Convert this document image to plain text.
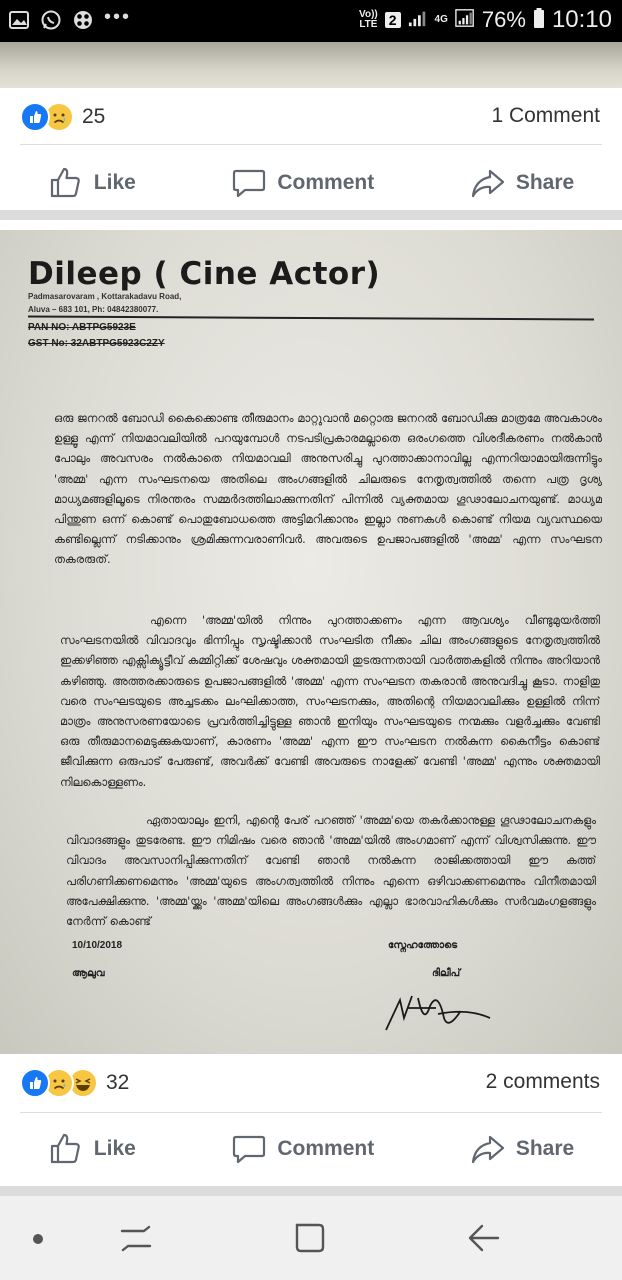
•••	Vo))
LTE 2	4G 76% 10:10
25	1 Comment
Like	Comment	Share
Dileep ( Cine Actor)
Padmasarovaram , Kottarakadavu Road,
Aluva – 683 101, Ph: 04842380077.
PAN NO: ABTPG5923E
GST No: 32ABTPG5923C2ZY

ഒരു ജനറൽ ബോഡി കൈക്കൊണ്ട തീരുമാനം മാറ്റുവാന്‍ മറ്റൊരു ജനറല്‍ ബോഡിക്കു മാത്രമേ അവകാശം ഉള്ളൂ എന്ന് നിയമാവലിയിൽ പറയുമ്പോൾ നടപടിപ്രകാരമല്ലാതെ ഒരംഗത്തെ വിശദീകരണം നല്‍കാന്‍ പോലും അവസരം നല്‍കാതെ നിയമാവലി അനുസരിച്ചു പുറത്താക്കാനാവില്ല എന്നറിയാമായിരുന്നിട്ടും 'അമ്മ' എന്ന സംഘടനയെ അതിലെ അംഗങ്ങളിൽ ചിലരുടെ നേതൃത്വത്തിൽ തന്നെ പത്ര ദൃശ്യ മാധ്യമങ്ങളിലൂടെ നിരന്തരം സമ്മർദത്തിലാക്കുന്നതിന് പിന്നില്‍ വ്യക്തമായ ഗൂഢാലോചനയുണ്ട്. മാധ്യമ പിന്തുണ ഒന്ന് കൊണ്ട് പൊതുബോധത്തെ അട്ടിമറിക്കാനും ഇല്ലാ നുണകള്‍ കൊണ്ട് നിയമ വ്യവസ്ഥയെ കണ്ടില്ലെന്ന് നടിക്കാനും ശ്രമിക്കുന്നവരാണിവർ. അവരുടെ ഉപജാപങ്ങളിൽ 'അമ്മ' എന്ന സംഘടന തകരരുത്.

എന്നെ 'അമ്മ'യിൽ നിന്നും പുറത്താക്കണം എന്ന ആവശ്യം വീണ്ടുമുയർത്തി സംഘടനയില്‍ വിവാദവും ഭിന്നിപ്പും സൃഷ്ടിക്കാന്‍ സംഘടിത നീക്കം ചില അംഗങ്ങളുടെ നേതൃത്വത്തില്‍ ഇക്കഴിഞ്ഞ എക്സിക്യൂട്ടീവ് കമ്മിറ്റിക്ക് ശേഷവും ശക്തമായി തുടരുന്നതായി വാർത്തകളിൽ നിന്നും അറിയാന്‍ കഴിഞ്ഞു. അത്തരക്കാരുടെ ഉപജാപങ്ങളില്‍ 'അമ്മ' എന്ന സംഘടന തകരാന്‍ അനുവദിച്ചു കൂടാ. നാളിതു വരെ സംഘടയുടെ അച്ചടക്കം ലംഘിക്കാത്ത, സംഘടനക്കും, അതിന്റെ നിയമാവലിക്കും ഉള്ളില്‍ നിന്ന് മാത്രം അനുസരണയോടെ പ്രവർത്തിച്ചിട്ടുള്ള ഞാന്‍ ഇനിയും സംഘടയുടെ നന്മക്കും വളർച്ചക്കും വേണ്ടി ഒരു തീരുമാനമെടുക്കുകയാണ്, കാരണം 'അമ്മ' എന്ന ഈ സംഘടന നല്‍കുന്ന കൈനീട്ടം കൊണ്ട് ജീവിക്കുന്ന ഒരുപാട് പേരുണ്ട്, അവർക്ക് വേണ്ടി അവരുടെ നാളേക്ക് വേണ്ടി 'അമ്മ' എന്നും ശക്തമായി നിലകൊള്ളണം.

ഏതായാലും ഇനി, എന്റെ പേര് പറഞ്ഞ് 'അമ്മ'യെ തകർക്കാനുള്ള ഗൂഢാലോചനകളും വിവാദങ്ങളും തുടരേണ്ട. ഈ നിമിഷം വരെ ഞാന്‍ 'അമ്മ'യില്‍ അംഗമാണ് എന്ന് വിശ്വസിക്കുന്നു. ഈ വിവാദം അവസാനിപ്പിക്കുന്നതിന് വേണ്ടി ഞാന്‍ നല്‍കുന്ന രാജിക്കത്തായി ഈ കത്ത് പരിഗണിക്കണമെന്നും 'അമ്മ'യുടെ അംഗത്വത്തില്‍ നിന്നും എന്നെ ഒഴിവാക്കണമെന്നും വിനീതമായി അപേക്ഷിക്കുന്നു. 'അമ്മ'യ്ക്കും 'അമ്മ'യിലെ അംഗങ്ങൾക്കും എല്ലാ ഭാരവാഹികൾക്കും സർവമംഗളങ്ങളും നേർന്ന് കൊണ്ട്

10/10/2018
ആലുവ
സ്നേഹത്തോടെ
ദിലീപ്
32	2 comments
Like	Comment	Share
